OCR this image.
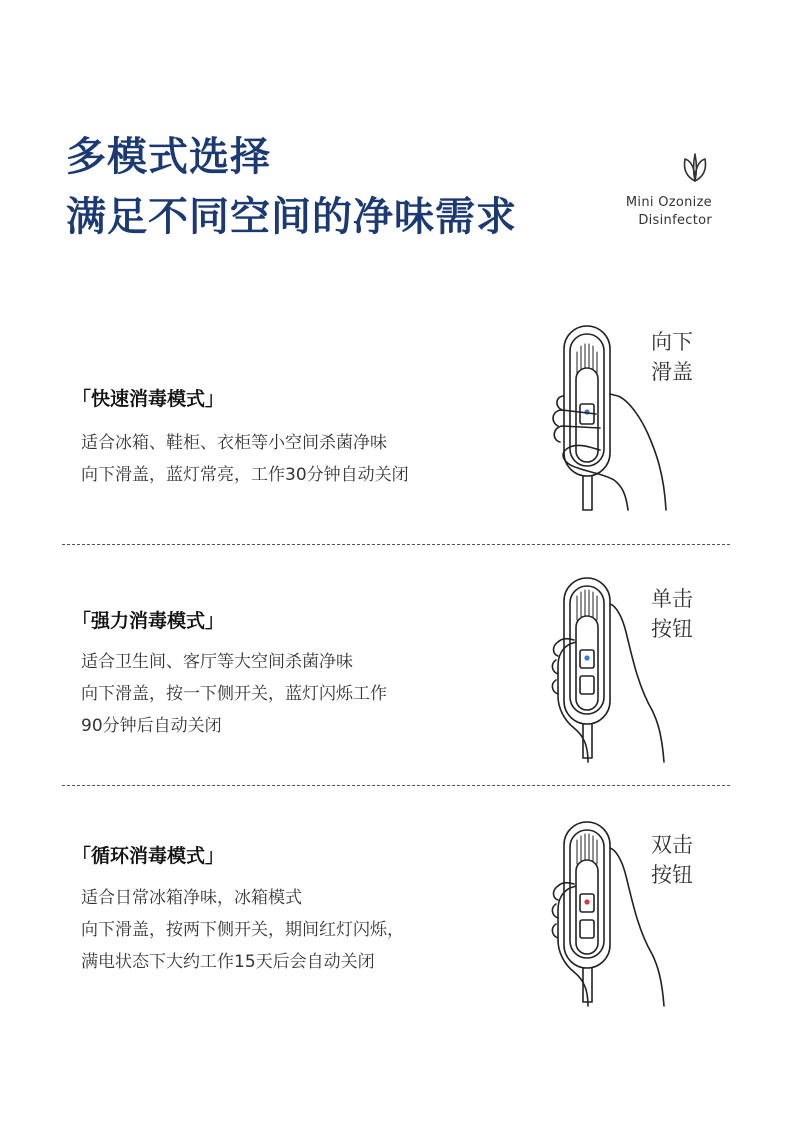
多模式选择
满足不同空间的净味需求	Mini Ozonize
Disinfector
「快速消毒模式」
适合冰箱、鞋柜、衣柜等小空间杀菌净味
向下滑盖，蓝灯常亮，工作30分钟自动关闭
向下
滑盖
「强力消毒模式」
适合卫生间、客厅等大空间杀菌净味
向下滑盖，按一下侧开关，蓝灯闪烁工作
90分钟后自动关闭
单击
按钮
「循环消毒模式」
适合日常冰箱净味，冰箱模式
向下滑盖，按两下侧开关，期间红灯闪烁，
满电状态下大约工作15天后会自动关闭
双击
按钮
